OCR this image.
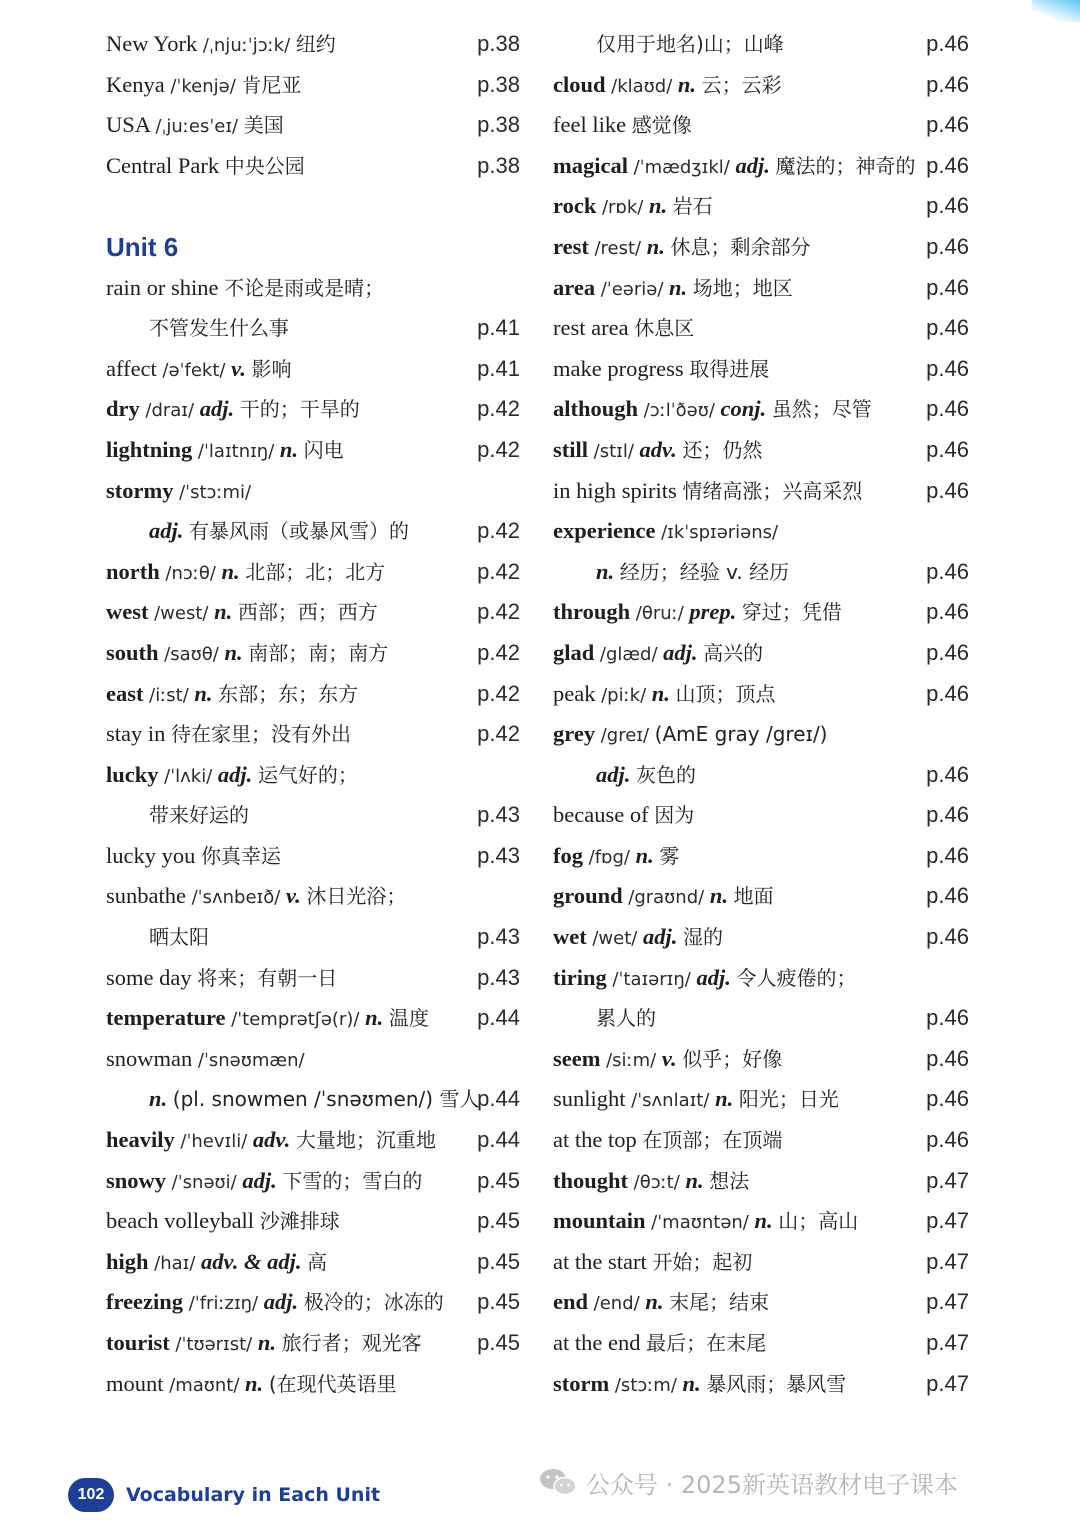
New York /ˌnjuːˈjɔːk/ 纽约	p.38
Kenya /ˈkenjə/ 肯尼亚	p.38
USA /ˌjuːesˈeɪ/ 美国	p.38
Central Park 中央公园	p.38
Unit 6
rain or shine 不论是雨或是晴；
不管发生什么事	p.41
affect /əˈfekt/ v. 影响	p.41
dry /draɪ/ adj. 干的；干旱的	p.42
lightning /ˈlaɪtnɪŋ/ n. 闪电	p.42
stormy /ˈstɔːmi/
adj. 有暴风雨（或暴风雪）的	p.42
north /nɔːθ/ n. 北部；北；北方	p.42
west /west/ n. 西部；西；西方	p.42
south /saʊθ/ n. 南部；南；南方	p.42
east /iːst/ n. 东部；东；东方	p.42
stay in 待在家里；没有外出	p.42
lucky /ˈlʌki/ adj. 运气好的；
带来好运的	p.43
lucky you 你真幸运	p.43
sunbathe /ˈsʌnbeɪð/ v. 沐日光浴；
晒太阳	p.43
some day 将来；有朝一日	p.43
temperature /ˈtemprətʃə(r)/ n. 温度 p.44
snowman /ˈsnəʊmæn/
n. (pl. snowmen /ˈsnəʊmen/) 雪人
p.44
heavily /ˈhevɪli/ adv. 大量地；沉重地 p.44
snowy /ˈsnəʊi/ adj. 下雪的；雪白的 p.45
beach volleyball 沙滩排球	p.45
high /haɪ/ adv. & adj. 高	p.45
freezing /ˈfriːzɪŋ/ adj. 极冷的；冰冻的 p.45
tourist /ˈtʊərɪst/ n. 旅行者；观光客	p.45
mount /maʊnt/ n. (在现代英语里
仅用于地名)山；山峰	p.46
cloud /klaʊd/ n. 云；云彩	p.46
feel like 感觉像	p.46
magical /ˈmædʒɪkl/ adj. 魔法的；神奇的 p.46
rock /rɒk/ n. 岩石	p.46
rest /rest/ n. 休息；剩余部分	p.46
area /ˈeəriə/ n. 场地；地区	p.46
rest area 休息区	p.46
make progress 取得进展	p.46
although /ɔːlˈðəʊ/ conj. 虽然；尽管 p.46
still /stɪl/ adv. 还；仍然	p.46
in high spirits 情绪高涨；兴高采烈	p.46
experience /ɪkˈspɪəriəns/
n. 经历；经验 v. 经历	p.46
through /θruː/ prep. 穿过；凭借	p.46
glad /glæd/ adj. 高兴的	p.46
peak /piːk/ n. 山顶；顶点	p.46
grey /greɪ/ (AmE gray /greɪ/)
adj. 灰色的	p.46
because of 因为	p.46
fog /fɒg/ n. 雾	p.46
ground /graʊnd/ n. 地面	p.46
wet /wet/ adj. 湿的	p.46
tiring /ˈtaɪərɪŋ/ adj. 令人疲倦的；
累人的	p.46
seem /siːm/ v. 似乎；好像	p.46
sunlight /ˈsʌnlaɪt/ n. 阳光；日光	p.46
at the top 在顶部；在顶端	p.46
thought /θɔːt/ n. 想法	p.47
mountain /ˈmaʊntən/ n. 山；高山	p.47
at the start 开始；起初	p.47
end /end/ n. 末尾；结束	p.47
at the end 最后；在末尾	p.47
storm /stɔːm/ n. 暴风雨；暴风雪	p.47
102	Vocabulary in Each Unit	公众号 · 2025新英语教材电子课本
